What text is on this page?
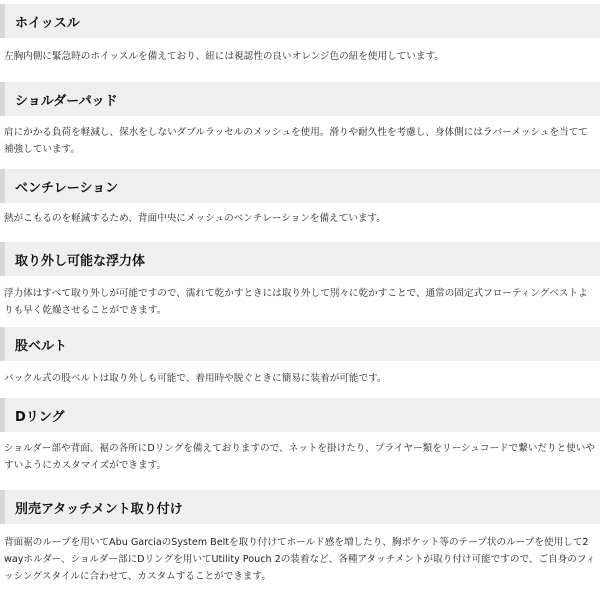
ホイッスル

左胸内側に緊急時のホイッスルを備えており、紐には視認性の良いオレンジ色の紐を使用しています。

ショルダーパッド

肩にかかる負荷を軽減し、保水をしないダブルラッセルのメッシュを使用。滑りや耐久性を考慮し、身体側にはラバーメッシュを当てて補強しています。

ベンチレーション

熱がこもるのを軽減するため、背面中央にメッシュのベンチレーションを備えています。

取り外し可能な浮力体

浮力体はすべて取り外しが可能ですので、濡れて乾かすときには取り外して別々に乾かすことで、通常の固定式フローティングベストよりも早く乾燥させることができます。

股ベルト

バックル式の股ベルトは取り外しも可能で、着用時や脱ぐときに簡易に装着が可能です。

Dリング

ショルダー部や背面、裾の各所にDリングを備えておりますので、ネットを掛けたり、プライヤー類をリーシュコードで繋いだりと使いやすいようにカスタマイズができます。

別売アタッチメント取り付け

背面裾のループを用いてAbu GarciaのSystem Beltを取り付けてホールド感を増したり、胸ポケット等のテープ状のループを使用して2wayホルダー、ショルダー部にDリングを用いてUtility Pouch 2の装着など、各種アタッチメントが取り付け可能ですので、ご自身のフィッシングスタイルに合わせて、カスタムすることができます。
